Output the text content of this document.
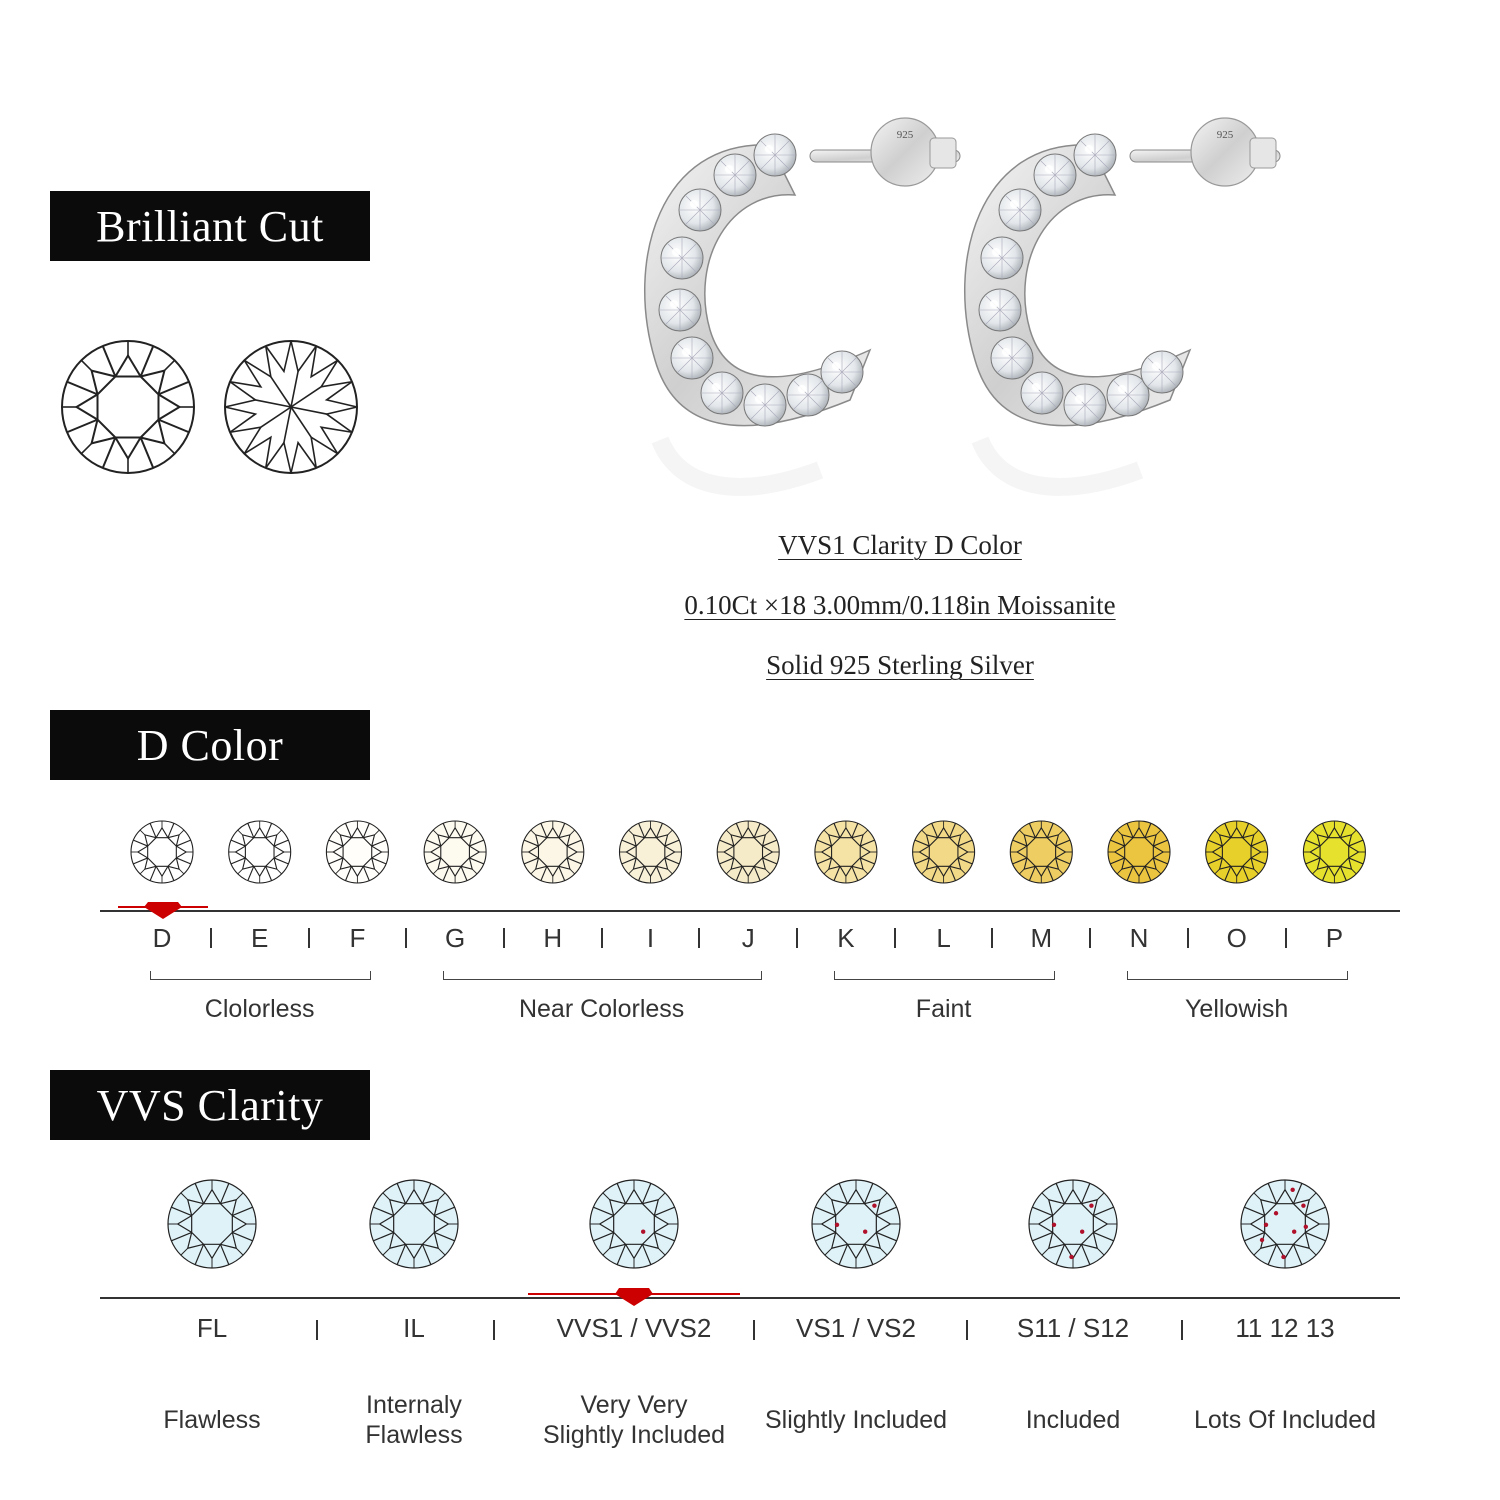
Brilliant Cut
D Color
VVS Clarity
925	925
VVS1 Clarity D Color
0.10Ct ×18 3.00mm/0.118in Moissanite
Solid 925 Sterling Silver
D	E	F	G	H	I	J	K	L	M	N	O	P
Clolorless	Near Colorless	Faint	Yellowish
FL	IL	VVS1 / VVS2	VS1 / VS2	S11 / S12	11 12 13
Flawless
Internaly
Flawless
Very Very
Slightly Included
Slightly Included	Included	Lots Of Included
